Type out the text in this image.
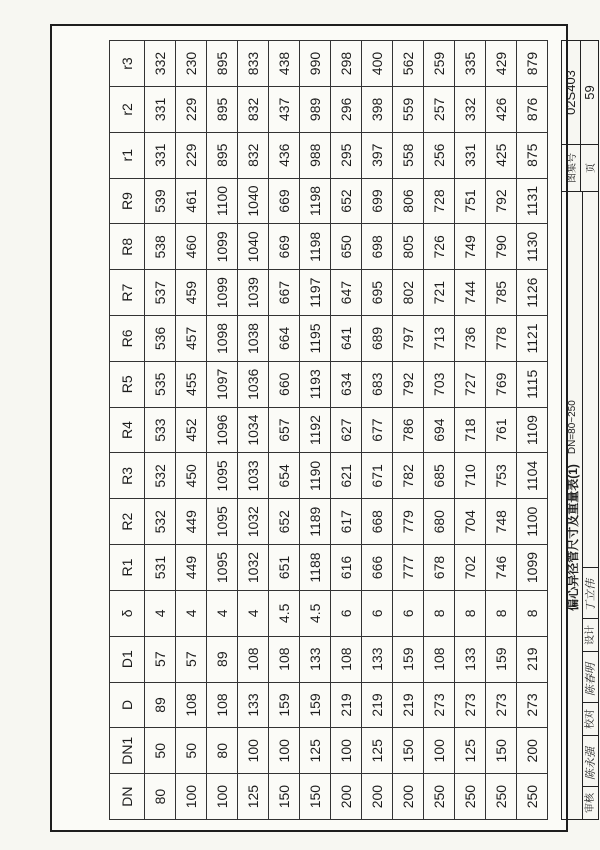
DN	DN1	D	D1	δ	R1	R2	R3	R4	R5	R6	R7	R8	R9	r1	r2	r3
80	50	89	57	4	531	532	532	533	535	536	537	538	539	331	331	332
100	50	108	57	4	449	449	450	452	455	457	459	460	461	229	229	230
100	80	108	89	4	1095	1095	1095	1096	1097	1098	1099	1099	1100	895	895	895
125	100	133	108	4	1032	1032	1033	1034	1036	1038	1039	1040	1040	832	832	833
150	100	159	108	4.5	651	652	654	657	660	664	667	669	669	436	437	438
150	125	159	133	4.5	1188	1189	1190	1192	1193	1195	1197	1198	1198	988	989	990
200	100	219	108	6	616	617	621	627	634	641	647	650	652	295	296	298
200	125	219	133	6	666	668	671	677	683	689	695	698	699	397	398	400
200	150	219	159	6	777	779	782	786	792	797	802	805	806	558	559	562
250	100	273	108	8	678	680	685	694	703	713	721	726	728	256	257	259
250	125	273	133	8	702	704	710	718	727	736	744	749	751	331	332	335
250	150	273	159	8	746	748	753	761	769	778	785	790	792	425	426	429
250	200	273	219	8	1099	1100	1104	1109	1115	1121	1126	1130	1131	875	876	879
偏心异径管尺寸及重量表(1)
DN=80~250
审核
陈永强
校对
陈春明
设计
丁立伟
图集号
02S403
页
59
